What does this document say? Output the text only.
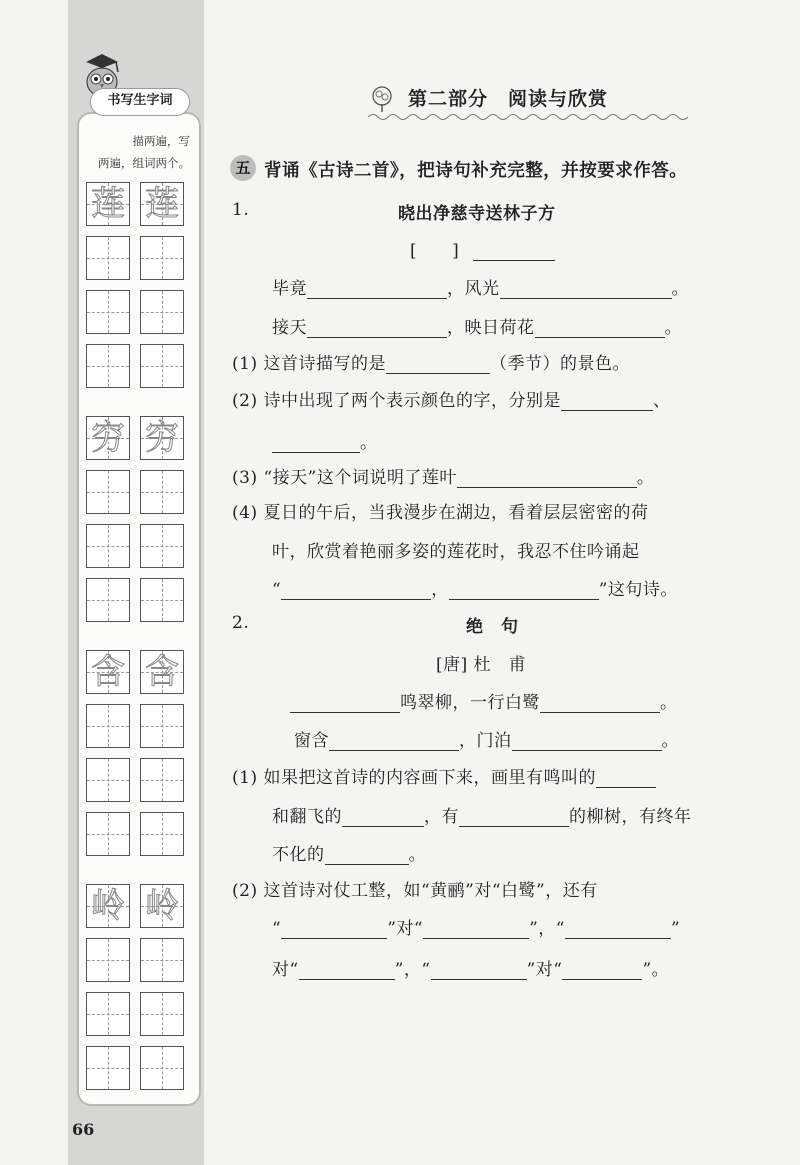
书写生字词
描两遍，写
两遍，组词两个。
莲 莲
穷 穷
含 含
岭 岭
66
第二部分　阅读与欣赏
五 背诵《古诗二首》，把诗句补充完整，并按要求作答。
1.	晓出净慈寺送林子方
[　　]
毕竟	，风光	。
接天	，映日荷花	。
(1) 这首诗描写的是	（季节）的景色。
(2) 诗中出现了两个表示颜色的字，分别是	、
。
(3) “接天”这个词说明了莲叶	。
(4) 夏日的午后，当我漫步在湖边，看着层层密密的荷
叶，欣赏着艳丽多姿的莲花时，我忍不住吟诵起
“	，	”这句诗。
2.	绝　句
[唐] 杜　甫
鸣翠柳，一行白鹭	。
窗含	，门泊	。
(1) 如果把这首诗的内容画下来，画里有鸣叫的
和翻飞的	，有	的柳树，有终年
不化的	。
(2) 这首诗对仗工整，如“黄鹂”对“白鹭”，还有
“	”对“	”，“	”
对“	”，“	”对“	”。
